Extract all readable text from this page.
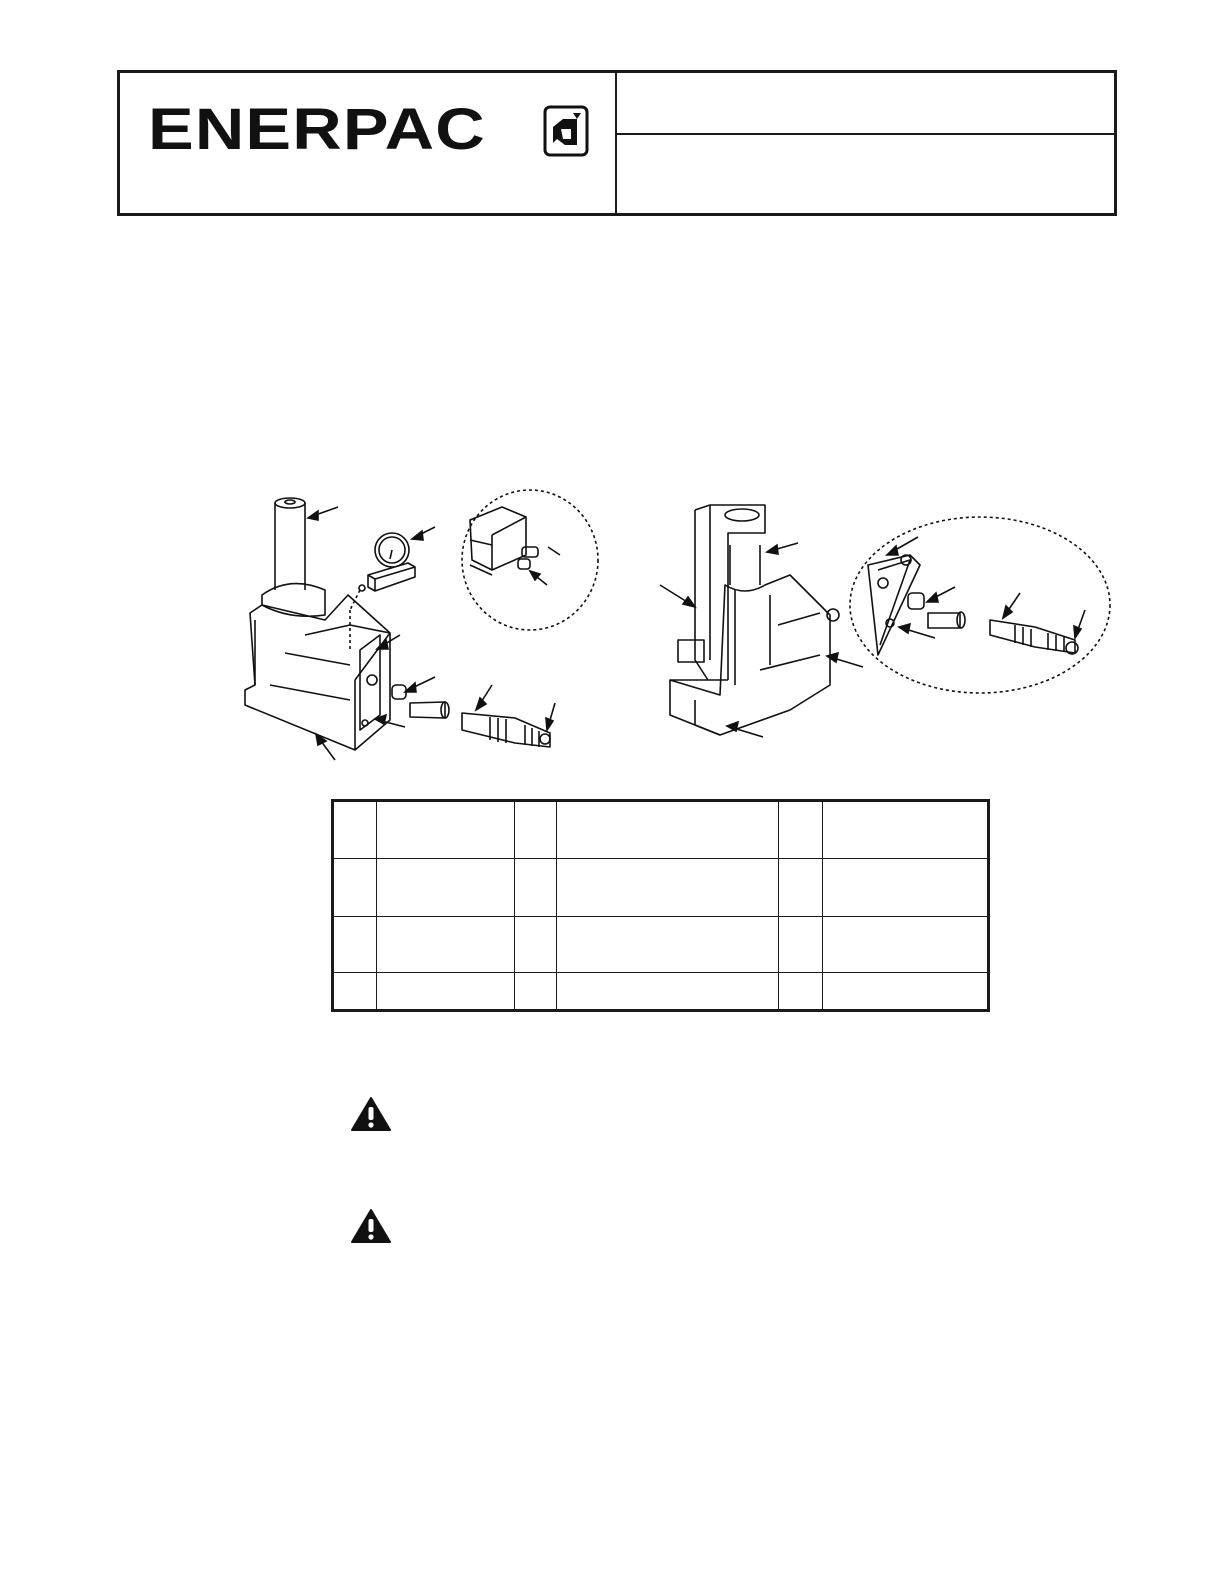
ENERPAC
